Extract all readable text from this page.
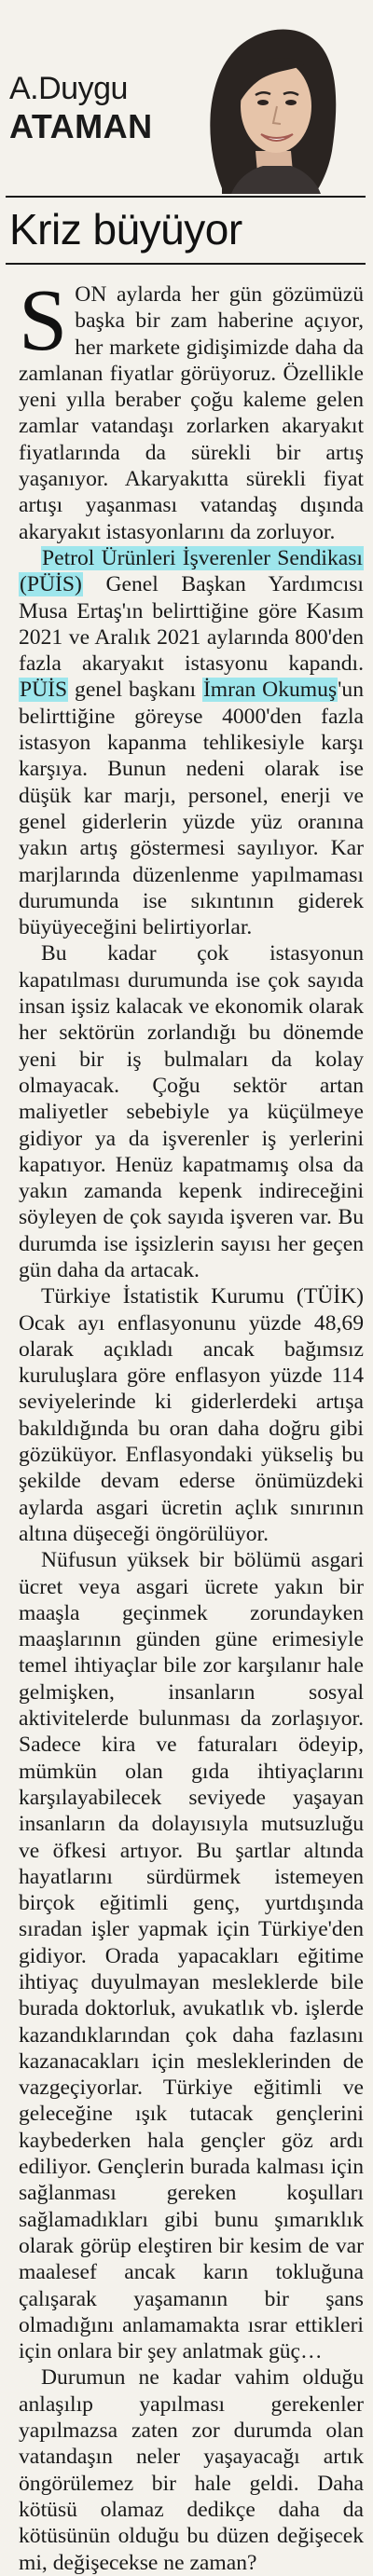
A.Duygu
ATAMAN
Kriz büyüyor

SON aylarda her gün gözümüzü başka bir zam haberine açıyor, her markete gidişimizde daha da zamlanan fiyatlar görüyoruz. Özellikle yeni yılla beraber çoğu kaleme gelen zamlar vatandaşı zorlarken akaryakıt fiyatlarında da sürekli bir artış yaşanıyor. Akaryakıtta sürekli fiyat artışı yaşanması vatandaş dışında akaryakıt istasyonlarını da zorluyor.

Petrol Ürünleri İşverenler Sendikası (PÜİS) Genel Başkan Yardımcısı Musa Ertaş'ın belirttiğine göre Kasım 2021 ve Aralık 2021 aylarında 800'den fazla akaryakıt istasyonu kapandı. PÜİS genel başkanı İmran Okumuş'un belirttiğine göreyse 4000'den fazla istasyon kapanma tehlikesiyle karşı karşıya. Bunun nedeni olarak ise düşük kar marjı, personel, enerji ve genel giderlerin yüzde yüz oranına yakın artış göstermesi sayılıyor. Kar marjlarında düzenlenme yapılmaması durumunda ise sıkıntının giderek büyüyeceğini belirtiyorlar.

Bu kadar çok istasyonun kapatılması durumunda ise çok sayıda insan işsiz kalacak ve ekonomik olarak her sektörün zorlandığı bu dönemde yeni bir iş bulmaları da kolay olmayacak. Çoğu sektör artan maliyetler sebebiyle ya küçülmeye gidiyor ya da işverenler iş yerlerini kapatıyor. Henüz kapatmamış olsa da yakın zamanda kepenk indireceğini söyleyen de çok sayıda işveren var. Bu durumda ise işsizlerin sayısı her geçen gün daha da artacak.

Türkiye İstatistik Kurumu (TÜİK) Ocak ayı enflasyonunu yüzde 48,69 olarak açıkladı ancak bağımsız kuruluşlara göre enflasyon yüzde 114 seviyelerinde ki giderlerdeki artışa bakıldığında bu oran daha doğru gibi gözüküyor. Enflasyondaki yükseliş bu şekilde devam ederse önümüzdeki aylarda asgari ücretin açlık sınırının altına düşeceği öngörülüyor.

Nüfusun yüksek bir bölümü asgari ücret veya asgari ücrete yakın bir maaşla geçinmek zorundayken maaşlarının günden güne erimesiyle temel ihtiyaçlar bile zor karşılanır hale gelmişken, insanların sosyal aktivitelerde bulunması da zorlaşıyor. Sadece kira ve faturaları ödeyip, mümkün olan gıda ihtiyaçlarını karşılayabilecek seviyede yaşayan insanların da dolayısıyla mutsuzluğu ve öfkesi artıyor. Bu şartlar altında hayatlarını sürdürmek istemeyen birçok eğitimli genç, yurtdışında sıradan işler yapmak için Türkiye'den gidiyor. Orada yapacakları eğitime ihtiyaç duyulmayan mesleklerde bile burada doktorluk, avukatlık vb. işlerde kazandıklarından çok daha fazlasını kazanacakları için mesleklerinden de vazgeçiyorlar. Türkiye eğitimli ve geleceğine ışık tutacak gençlerini kaybederken hala gençler göz ardı ediliyor. Gençlerin burada kalması için sağlanması gereken koşulları sağlamadıkları gibi bunu şımarıklık olarak görüp eleştiren bir kesim de var maalesef ancak karın tokluğuna çalışarak yaşamanın bir şans olmadığını anlamamakta ısrar ettikleri için onlara bir şey anlatmak güç…

Durumun ne kadar vahim olduğu anlaşılıp yapılması gerekenler yapılmazsa zaten zor durumda olan vatandaşın neler yaşayacağı artık öngörülemez bir hale geldi. Daha kötüsü olamaz dedikçe daha da kötüsünün olduğu bu düzen değişecek mi, değişecekse ne zaman?
